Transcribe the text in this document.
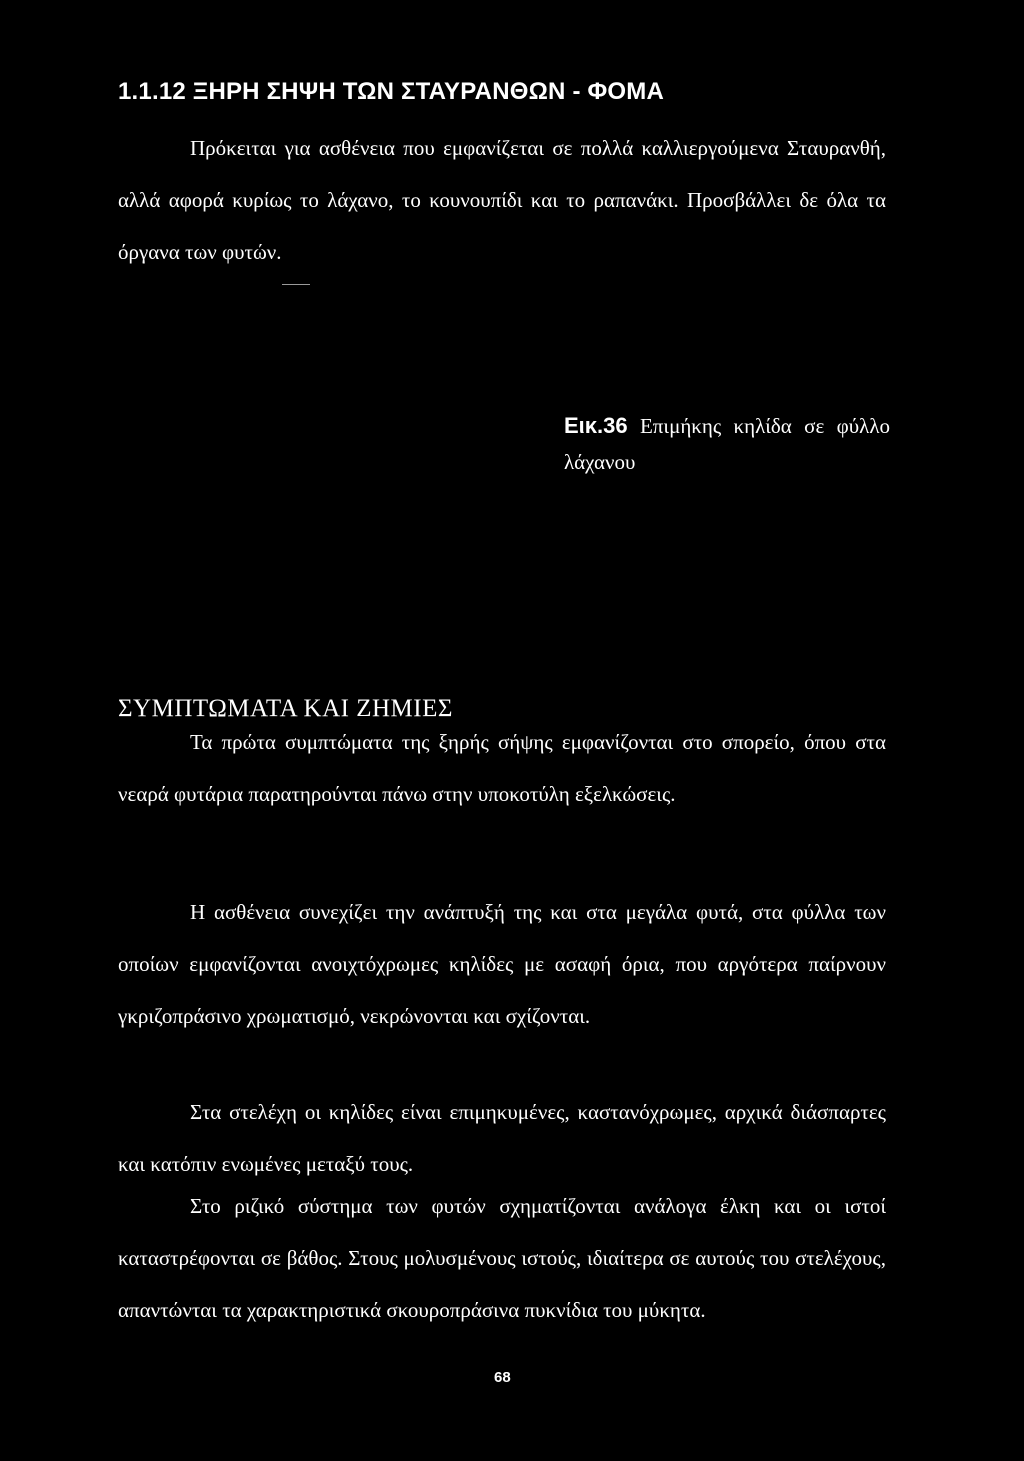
1.1.12 ΞΗΡΗ ΣΗΨΗ ΤΩΝ ΣΤΑΥΡΑΝΘΩΝ - ΦΟΜΑ

Πρόκειται για ασθένεια που εμφανίζεται σε πολλά καλλιεργούμενα Σταυρανθή, αλλά αφορά κυρίως το λάχανο, το κουνουπίδι και το ραπανάκι. Προσβάλλει δε όλα τα όργανα των φυτών.

Εικ.36 Επιμήκης κηλίδα σε φύλλο λάχανου

ΣΥΜΠΤΩΜΑΤΑ ΚΑΙ ΖΗΜΙΕΣ

Τα πρώτα συμπτώματα της ξηρής σήψης εμφανίζονται στο σπορείο, όπου στα νεαρά φυτάρια παρατηρούνται πάνω στην υποκοτύλη εξελκώσεις.

Η ασθένεια συνεχίζει την ανάπτυξή της και στα μεγάλα φυτά, στα φύλλα των οποίων εμφανίζονται ανοιχτόχρωμες κηλίδες με ασαφή όρια, που αργότερα παίρνουν γκριζοπράσινο χρωματισμό, νεκρώνονται και σχίζονται.

Στα στελέχη οι κηλίδες είναι επιμηκυμένες, καστανόχρωμες, αρχικά διάσπαρτες και κατόπιν ενωμένες μεταξύ τους.

Στο ριζικό σύστημα των φυτών σχηματίζονται ανάλογα έλκη και οι ιστοί καταστρέφονται σε βάθος. Στους μολυσμένους ιστούς, ιδιαίτερα σε αυτούς του στελέχους, απαντώνται τα χαρακτηριστικά σκουροπράσινα πυκνίδια του μύκητα.

68
